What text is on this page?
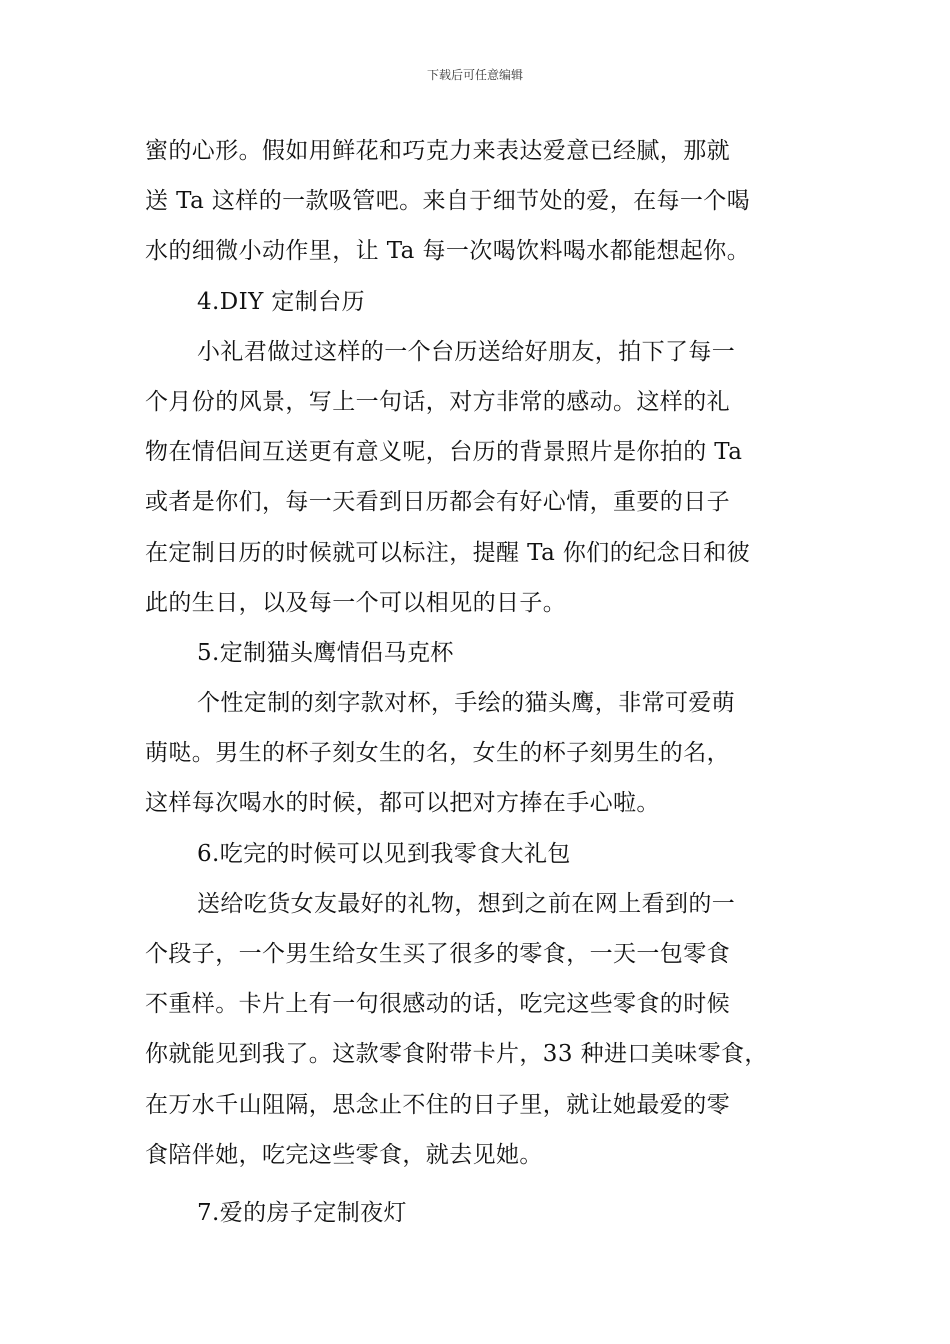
下载后可任意编辑
蜜的心形。假如用鲜花和巧克力来表达爱意已经腻，那就
送 Ta 这样的一款吸管吧。来自于细节处的爱，在每一个喝
水的细微小动作里，让 Ta 每一次喝饮料喝水都能想起你。
4.DIY 定制台历
小礼君做过这样的一个台历送给好朋友，拍下了每一
个月份的风景，写上一句话，对方非常的感动。这样的礼
物在情侣间互送更有意义呢，台历的背景照片是你拍的 Ta
或者是你们，每一天看到日历都会有好心情，重要的日子
在定制日历的时候就可以标注，提醒 Ta 你们的纪念日和彼
此的生日，以及每一个可以相见的日子。
5.定制猫头鹰情侣马克杯
个性定制的刻字款对杯，手绘的猫头鹰，非常可爱萌
萌哒。男生的杯子刻女生的名，女生的杯子刻男生的名，
这样每次喝水的时候，都可以把对方捧在手心啦。
6.吃完的时候可以见到我零食大礼包
送给吃货女友最好的礼物，想到之前在网上看到的一
个段子，一个男生给女生买了很多的零食，一天一包零食
不重样。卡片上有一句很感动的话，吃完这些零食的时候
你就能见到我了。这款零食附带卡片，33 种进口美味零食，
在万水千山阻隔，思念止不住的日子里，就让她最爱的零
食陪伴她，吃完这些零食，就去见她。
7.爱的房子定制夜灯
